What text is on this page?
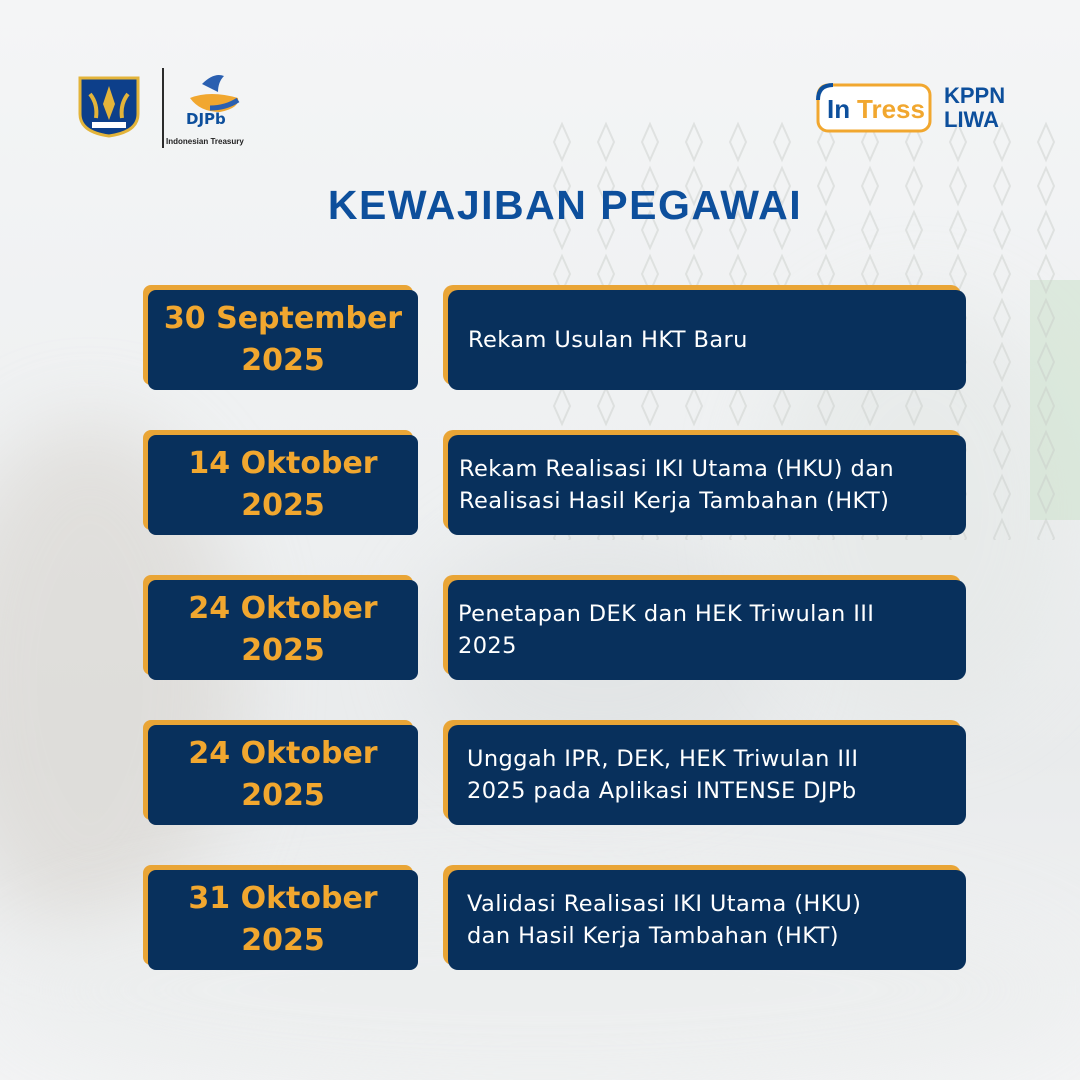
DJPb
Indonesian Treasury
In Tress KPPN
LIWA
KEWAJIBAN PEGAWAI
30 September
2025
Rekam Usulan HKT Baru
14 Oktober
2025
Rekam Realisasi IKI Utama (HKU) dan
Realisasi Hasil Kerja Tambahan (HKT)
24 Oktober
2025
Penetapan DEK dan HEK Triwulan III
2025
24 Oktober
2025
Unggah IPR, DEK, HEK Triwulan III
2025 pada Aplikasi INTENSE DJPb
31 Oktober
2025
Validasi Realisasi IKI Utama (HKU)
dan Hasil Kerja Tambahan (HKT)
